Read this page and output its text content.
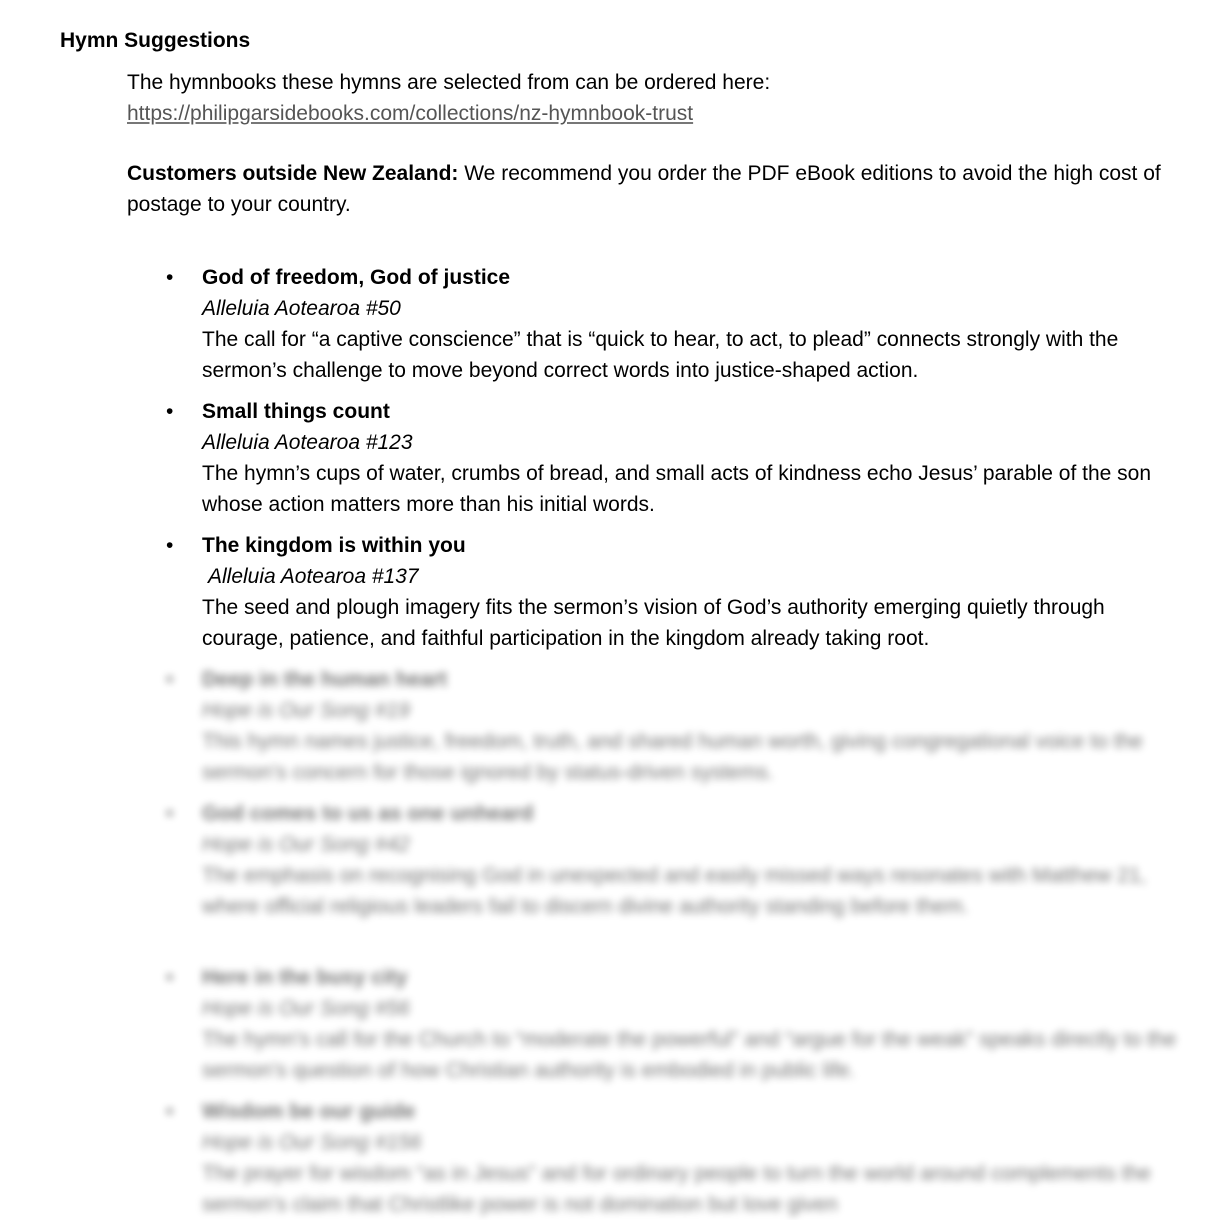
Hymn Suggestions
The hymnbooks these hymns are selected from can be ordered here:
https://philipgarsidebooks.com/collections/nz-hymnbook-trust
Customers outside New Zealand: We recommend you order the PDF eBook editions to avoid the high cost of postage to your country.
• God of freedom, God of justice
Alleluia Aotearoa #50
The call for “a captive conscience” that is “quick to hear, to act, to plead” connects strongly with the sermon’s challenge to move beyond correct words into justice-shaped action.
• Small things count
Alleluia Aotearoa #123
The hymn’s cups of water, crumbs of bread, and small acts of kindness echo Jesus’ parable of the son whose action matters more than his initial words.
• The kingdom is within you
Alleluia Aotearoa #137
The seed and plough imagery fits the sermon’s vision of God’s authority emerging quietly through courage, patience, and faithful participation in the kingdom already taking root.
• Deep in the human heart
Hope is Our Song #19
This hymn names justice, freedom, truth, and shared human worth, giving congregational voice to the sermon’s concern for those ignored by status-driven systems.
• God comes to us as one unheard
Hope is Our Song #42
The emphasis on recognising God in unexpected and easily missed ways resonates with Matthew 21, where official religious leaders fail to discern divine authority standing before them.
• Here in the busy city
Hope is Our Song #56
The hymn’s call for the Church to “moderate the powerful” and “argue for the weak” speaks directly to the sermon’s question of how Christian authority is embodied in public life.
• Wisdom be our guide
Hope is Our Song #156
The prayer for wisdom “as in Jesus” and for ordinary people to turn the world around complements the sermon’s claim that Christlike power is not domination but love given
